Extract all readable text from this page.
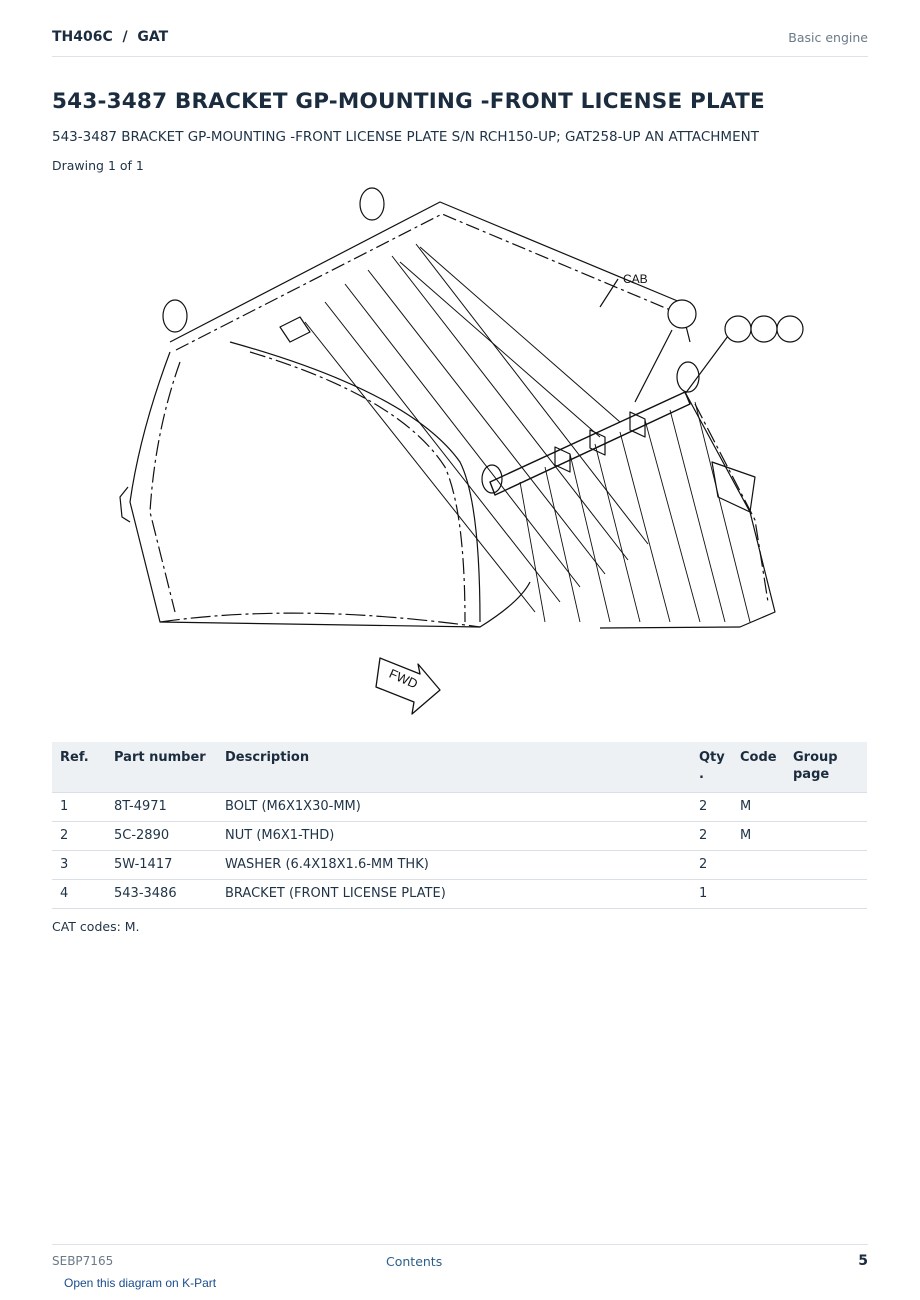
TH406C  /  GAT	Basic engine
543-3487 BRACKET GP-MOUNTING -FRONT LICENSE PLATE
543-3487 BRACKET GP-MOUNTING -FRONT LICENSE PLATE S/N RCH150-UP; GAT258-UP AN ATTACHMENT
Drawing 1 of 1
CAB
FWD
Ref.	Part number	Description	Qty .	Code	Group page
1	8T-4971	BOLT (M6X1X30-MM)	2	M	
2	5C-2890	NUT (M6X1-THD)	2	M	
3	5W-1417	WASHER (6.4X18X1.6-MM THK)	2		
4	543-3486	BRACKET (FRONT LICENSE PLATE)	1		
CAT codes: M.
SEBP7165	Contents	5
Open this diagram on K-Part
